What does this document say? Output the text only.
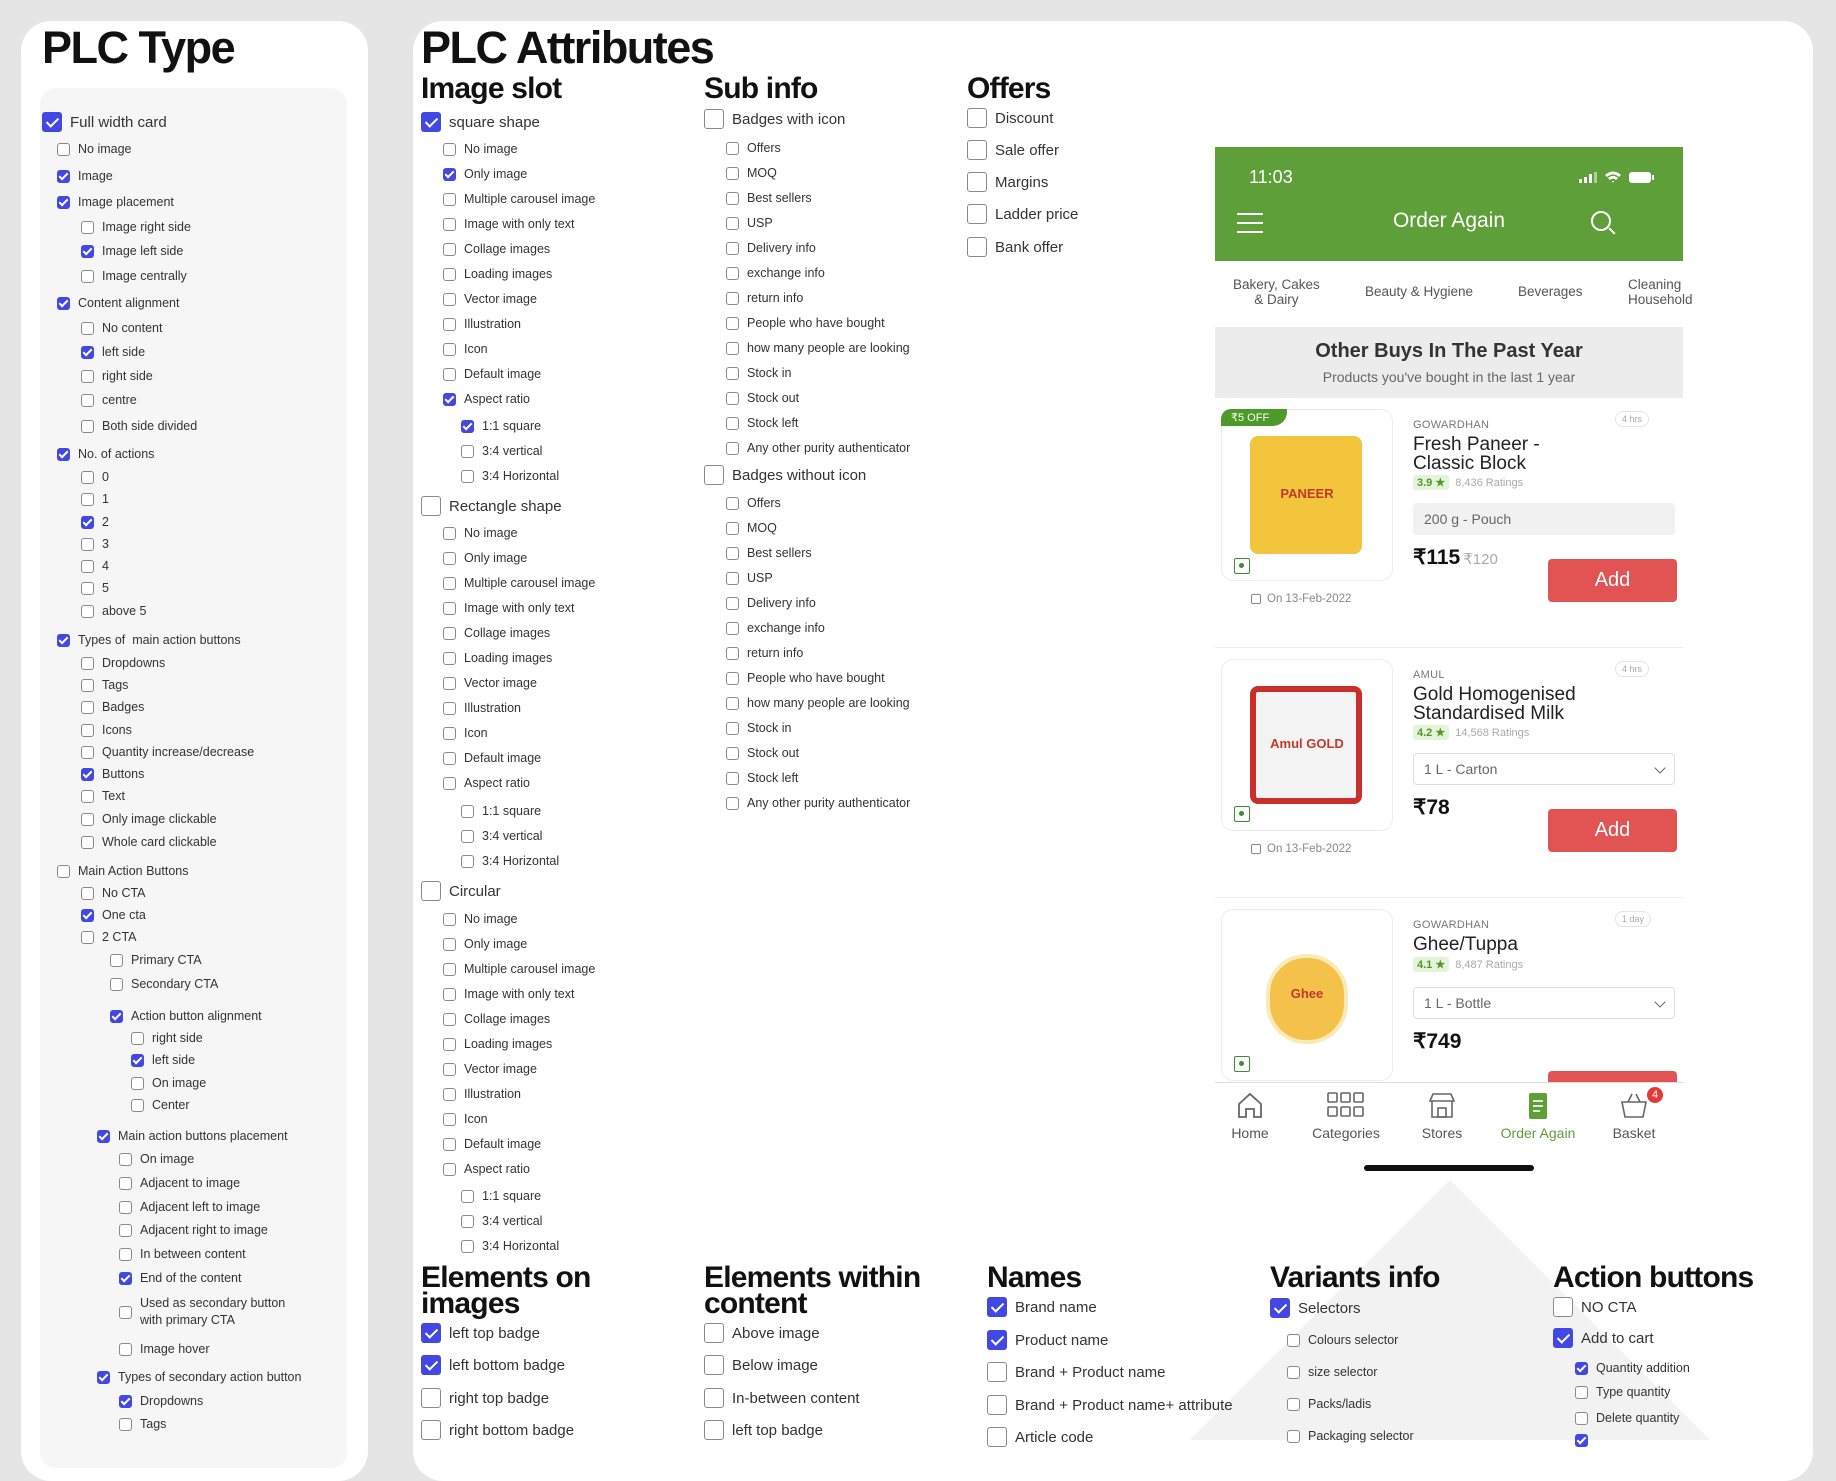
PLC Type
Full width card
No image
Image
Image placement
Image right side
Image left side
Image centrally
Content alignment
No content
left side
right side
centre
Both side divided
No. of actions
0
1
2
3
4
5
above 5
Types of  main action buttons
Dropdowns
Tags
Badges
Icons
Quantity increase/decrease
Buttons
Text
Only image clickable
Whole card clickable
Main Action Buttons
No CTA
One cta
2 CTA
Primary CTA
Secondary CTA
Action button alignment
right side
left side
On image
Center
Main action buttons placement
On image
Adjacent to image
Adjacent left to image
Adjacent right to image
In between content
End of the content
Used as secondary button
with primary CTA
Image hover
Types of secondary action button
Dropdowns
Tags
PLC Attributes
Image slot	Sub info	Offers
Elements on
images
Elements within
content
Names	Variants info	Action buttons
square shape
No image
Only image
Multiple carousel image
Image with only text
Collage images
Loading images
Vector image
Illustration
Icon
Default image
Aspect ratio
1:1 square
3:4 vertical
3:4 Horizontal
Rectangle shape
No image
Only image
Multiple carousel image
Image with only text
Collage images
Loading images
Vector image
Illustration
Icon
Default image
Aspect ratio
1:1 square
3:4 vertical
3:4 Horizontal
Circular
No image
Only image
Multiple carousel image
Image with only text
Collage images
Loading images
Vector image
Illustration
Icon
Default image
Aspect ratio
1:1 square
3:4 vertical
3:4 Horizontal
Badges with icon
Offers
MOQ
Best sellers
USP
Delivery info
exchange info
return info
People who have bought
how many people are looking
Stock in
Stock out
Stock left
Any other purity authenticator
Badges without icon
Offers
MOQ
Best sellers
USP
Delivery info
exchange info
return info
People who have bought
how many people are looking
Stock in
Stock out
Stock left
Any other purity authenticator
Discount
Sale offer
Margins
Ladder price
Bank offer
left top badge
left bottom badge
right top badge
right bottom badge
Above image
Below image
In-between content
left top badge
Brand name
Product name
Brand + Product name
Brand + Product name+ attribute
Article code
Selectors
Colours selector
size selector
Packs/ladis
Packaging selector
NO CTA
Add to cart
Quantity addition
Type quantity
Delete quantity
11:03
Order Again
Bakery, Cakes
& Dairy
Beauty & Hygiene	Beverages	Cleaning
Household
Other Buys In The Past Year
Products you've bought in the last 1 year
PANEER
₹5 OFF
GOWARDHAN	4 hrs
Fresh Paneer -
Classic Block
3.9 ★ 8,436 Ratings
200 g - Pouch
₹115 ₹120
Add
On 13-Feb-2022
Amul GOLD
AMUL	4 hrs
Gold Homogenised
Standardised Milk
4.2 ★ 14,568 Ratings
1 L - Carton
₹78
Add
On 13-Feb-2022
Ghee
GOWARDHAN	1 day
Ghee/Tuppa
4.1 ★ 8,487 Ratings
1 L - Bottle
₹749
Home	Categories	Stores	Order Again	Basket
4
